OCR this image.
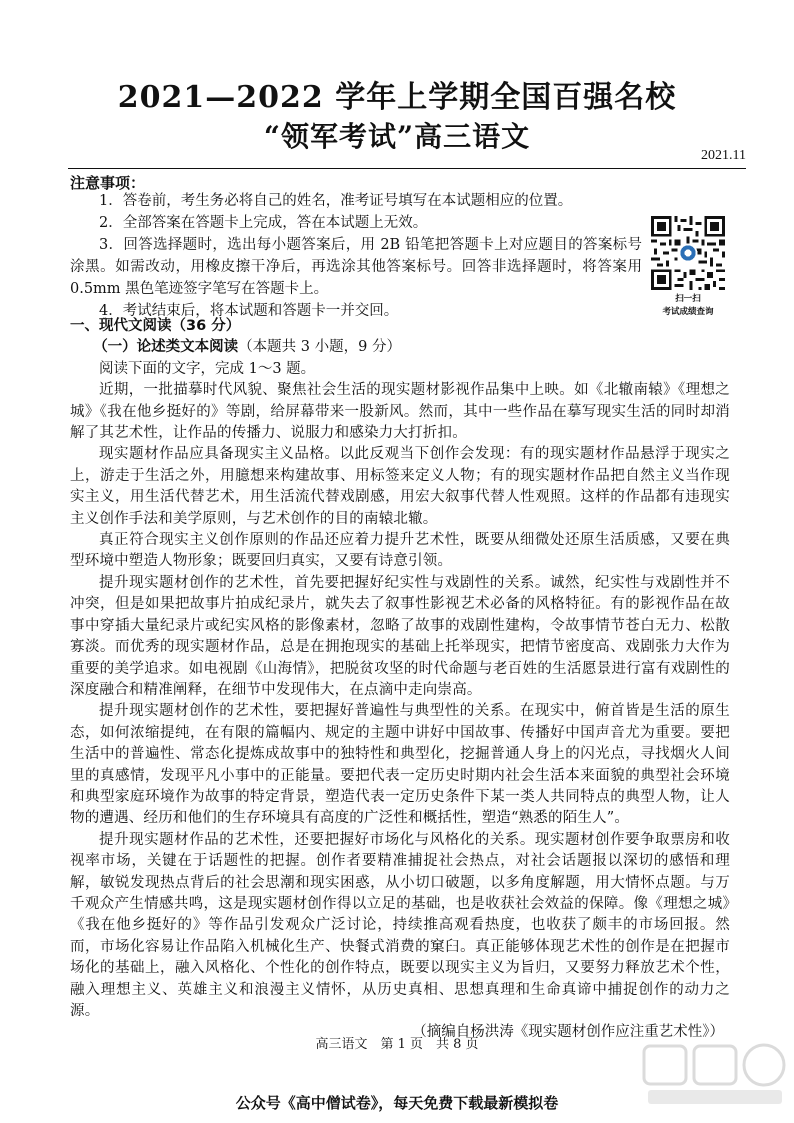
2021—2022 学年上学期全国百强名校
“领军考试”高三语文
2021.11
注意事项：

1．答卷前，考生务必将自己的姓名，准考证号填写在本试题相应的位置。

2．全部答案在答题卡上完成，答在本试题上无效。

3．回答选择题时，选出每小题答案后，用 2B 铅笔把答题卡上对应题目的答案标号涂黑。如需改动，用橡皮擦干净后，再选涂其他答案标号。回答非选择题时，将答案用 0.5mm 黑色笔迹签字笔写在答题卡上。

4．考试结束后，将本试题和答题卡一并交回。

扫一扫
考试成绩查询

一、现代文阅读（36 分）

（一）论述类文本阅读（本题共 3 小题，9 分）

阅读下面的文字，完成 1～3 题。

近期，一批描摹时代风貌、聚焦社会生活的现实题材影视作品集中上映。如《北辙南辕》《理想之城》《我在他乡挺好的》等剧，给屏幕带来一股新风。然而，其中一些作品在摹写现实生活的同时却消解了其艺术性，让作品的传播力、说服力和感染力大打折扣。

现实题材作品应具备现实主义品格。以此反观当下创作会发现：有的现实题材作品悬浮于现实之上，游走于生活之外，用臆想来构建故事、用标签来定义人物；有的现实题材作品把自然主义当作现实主义，用生活代替艺术，用生活流代替戏剧感，用宏大叙事代替人性观照。这样的作品都有违现实主义创作手法和美学原则，与艺术创作的目的南辕北辙。

真正符合现实主义创作原则的作品还应着力提升艺术性，既要从细微处还原生活质感，又要在典型环境中塑造人物形象；既要回归真实，又要有诗意引领。

提升现实题材创作的艺术性，首先要把握好纪实性与戏剧性的关系。诚然，纪实性与戏剧性并不冲突，但是如果把故事片拍成纪录片，就失去了叙事性影视艺术必备的风格特征。有的影视作品在故事中穿插大量纪录片或纪实风格的影像素材，忽略了故事的戏剧性建构，令故事情节苍白无力、松散寡淡。而优秀的现实题材作品，总是在拥抱现实的基础上托举现实，把情节密度高、戏剧张力大作为重要的美学追求。如电视剧《山海情》，把脱贫攻坚的时代命题与老百姓的生活愿景进行富有戏剧性的深度融合和精准阐释，在细节中发现伟大，在点滴中走向崇高。

提升现实题材创作的艺术性，要把握好普遍性与典型性的关系。在现实中，俯首皆是生活的原生态，如何浓缩提纯，在有限的篇幅内、规定的主题中讲好中国故事、传播好中国声音尤为重要。要把生活中的普遍性、常态化提炼成故事中的独特性和典型化，挖掘普通人身上的闪光点，寻找烟火人间里的真感情，发现平凡小事中的正能量。要把代表一定历史时期内社会生活本来面貌的典型社会环境和典型家庭环境作为故事的特定背景，塑造代表一定历史条件下某一类人共同特点的典型人物，让人物的遭遇、经历和他们的生存环境具有高度的广泛性和概括性，塑造“熟悉的陌生人”。

提升现实题材作品的艺术性，还要把握好市场化与风格化的关系。现实题材创作要争取票房和收视率市场，关键在于话题性的把握。创作者要精准捕捉社会热点，对社会话题报以深切的感悟和理解，敏锐发现热点背后的社会思潮和现实困惑，从小切口破题，以多角度解题，用大情怀点题。与万千观众产生情感共鸣，这是现实题材创作得以立足的基础，也是收获社会效益的保障。像《理想之城》《我在他乡挺好的》等作品引发观众广泛讨论，持续推高观看热度，也收获了颇丰的市场回报。然而，市场化容易让作品陷入机械化生产、快餐式消费的窠臼。真正能够体现艺术性的创作是在把握市场化的基础上，融入风格化、个性化的创作特点，既要以现实主义为旨归，又要努力释放艺术个性，融入理想主义、英雄主义和浪漫主义情怀，从历史真相、思想真理和生命真谛中捕捉创作的动力之源。

（摘编自杨洪涛《现实题材创作应注重艺术性》）

高三语文　第 1 页　共 8 页
公众号《高中僧试卷》，每天免费下载最新模拟卷
